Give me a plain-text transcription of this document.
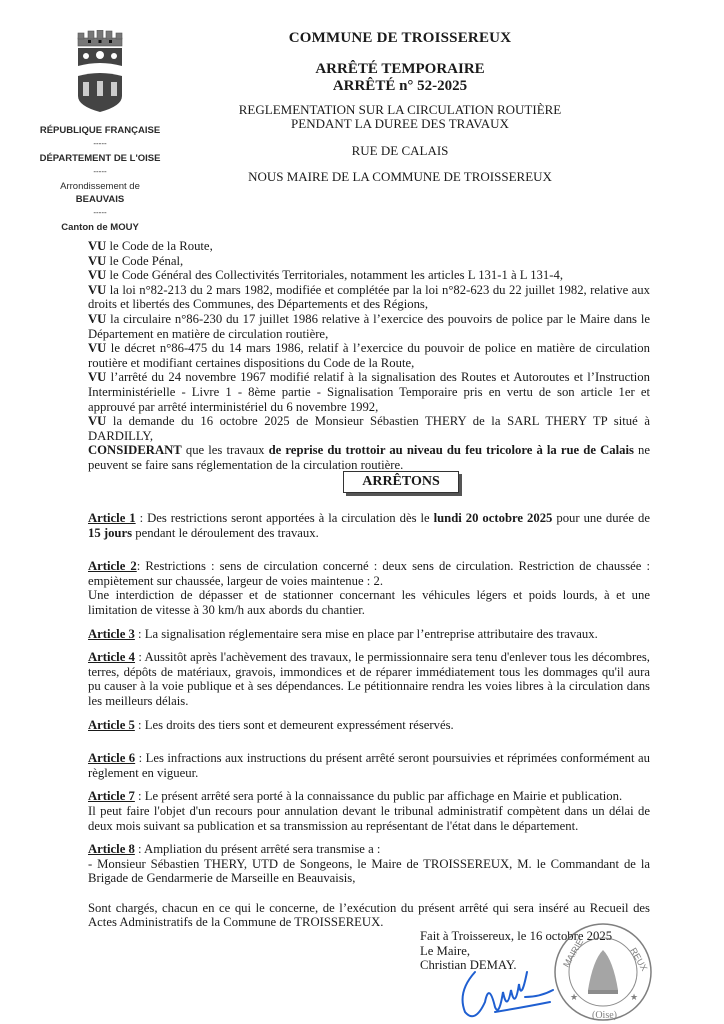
RÉPUBLIQUE FRANÇAISE
-----
DÉPARTEMENT DE L'OISE
-----
Arrondissement de
BEAUVAIS
-----
Canton de MOUY
COMMUNE DE TROISSEREUX
ARRÊTÉ TEMPORAIRE
ARRÊTÉ n° 52-2025
REGLEMENTATION SUR LA CIRCULATION ROUTIÈRE
PENDANT LA DUREE DES TRAVAUX
RUE DE CALAIS
NOUS MAIRE DE LA COMMUNE DE TROISSEREUX

VU le Code de la Route,

VU le Code Pénal,

VU le Code Général des Collectivités Territoriales, notamment les articles L 131-1 à L 131-4,

VU la loi n°82-213 du 2 mars 1982, modifiée et complétée par la loi n°82-623 du 22 juillet 1982, relative aux droits et libertés des Communes, des Départements et des Régions,

VU la circulaire n°86-230 du 17 juillet 1986 relative à l’exercice des pouvoirs de police par le Maire dans le Département en matière de circulation routière,

VU le décret n°86-475 du 14 mars 1986, relatif à l’exercice du pouvoir de police en matière de circulation routière et modifiant certaines dispositions du Code de la Route,

VU l’arrêté du 24 novembre 1967 modifié relatif à la signalisation des Routes et Autoroutes et l’Instruction Interministérielle - Livre 1 - 8ème partie - Signalisation Temporaire pris en vertu de son article 1er et approuvé par arrêté interministériel du 6 novembre 1992,

VU la demande du 16 octobre 2025 de Monsieur Sébastien THERY de la SARL THERY TP situé à DARDILLY,

CONSIDERANT que les travaux de reprise du trottoir au niveau du feu tricolore à la rue de Calais ne peuvent se faire sans réglementation de la circulation routière.

ARRÊTONS

Article 1 : Des restrictions seront apportées à la circulation dès le lundi 20 octobre 2025 pour une durée de 15 jours pendant le déroulement des travaux.

Article 2: Restrictions : sens de circulation concerné : deux sens de circulation. Restriction de chaussée : empiètement sur chaussée, largeur de voies maintenue : 2.

Une interdiction de dépasser et de stationner concernant les véhicules légers et poids lourds, à et une limitation de vitesse à 30 km/h aux abords du chantier.

Article 3 : La signalisation réglementaire sera mise en place par l’entreprise attributaire des travaux.

Article 4 : Aussitôt après l'achèvement des travaux, le permissionnaire sera tenu d'enlever tous les décombres, terres, dépôts de matériaux, gravois, immondices et de réparer immédiatement tous les dommages qu'il aura pu causer à la voie publique et à ses dépendances. Le pétitionnaire rendra les voies libres à la circulation dans les meilleurs délais.

Article 5 : Les droits des tiers sont et demeurent expressément réservés.

Article 6 : Les infractions aux instructions du présent arrêté seront poursuivies et réprimées conformément au règlement en vigueur.

Article 7 : Le présent arrêté sera porté à la connaissance du public par affichage en Mairie et publication.

Il peut faire l'objet d'un recours pour annulation devant le tribunal administratif compètent dans un délai de deux mois suivant sa publication et sa transmission au représentant de l'état dans le département.

Article 8 : Ampliation du présent arrêté sera transmise a :

- Monsieur Sébastien THERY, UTD de Songeons, le Maire de TROISSEREUX, M. le Commandant de la Brigade de Gendarmerie de Marseille en Beauvaisis,

Sont chargés, chacun en ce qui le concerne, de l’exécution du présent arrêté qui sera inséré au Recueil des Actes Administratifs de la Commune de TROISSEREUX.

Fait à Troissereux, le 16 octobre 2025
Le Maire,
Christian DEMAY.	MAIRIE	REUX
(Oise)
★	★
